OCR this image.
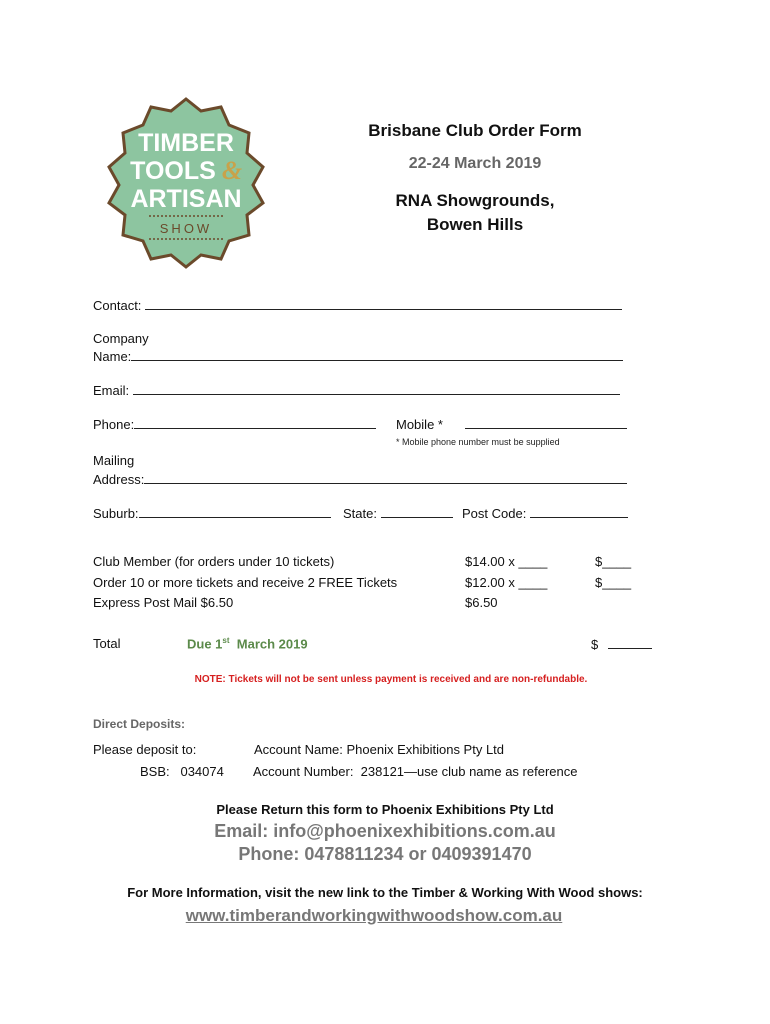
TIMBER
TOOLS &
ARTISAN
SHOW
Brisbane Club Order Form
22-24 March 2019
RNA Showgrounds,
Bowen Hills
Contact:
Company
Name:
Email:
Phone:	Mobile *
* Mobile phone number must be supplied
Mailing
Address:
Suburb:	State:	Post Code:
Club Member (for orders under 10 tickets)	$14.00 x ____	$____
Order 10 or more tickets and receive 2 FREE Tickets	$12.00 x ____	$____
Express Post Mail $6.50	$6.50
Total	Due 1st  March 2019	$
NOTE: Tickets will not be sent unless payment is received and are non-refundable.
Direct Deposits:
Please deposit to:	Account Name: Phoenix Exhibitions Pty Ltd
BSB:   034074 Account Number:  238121—use club name as reference
Please Return this form to Phoenix Exhibitions Pty Ltd
Email: info@phoenixexhibitions.com.au
Phone: 0478811234 or 0409391470
For More Information, visit the new link to the Timber & Working With Wood shows:
www.timberandworkingwithwoodshow.com.au
